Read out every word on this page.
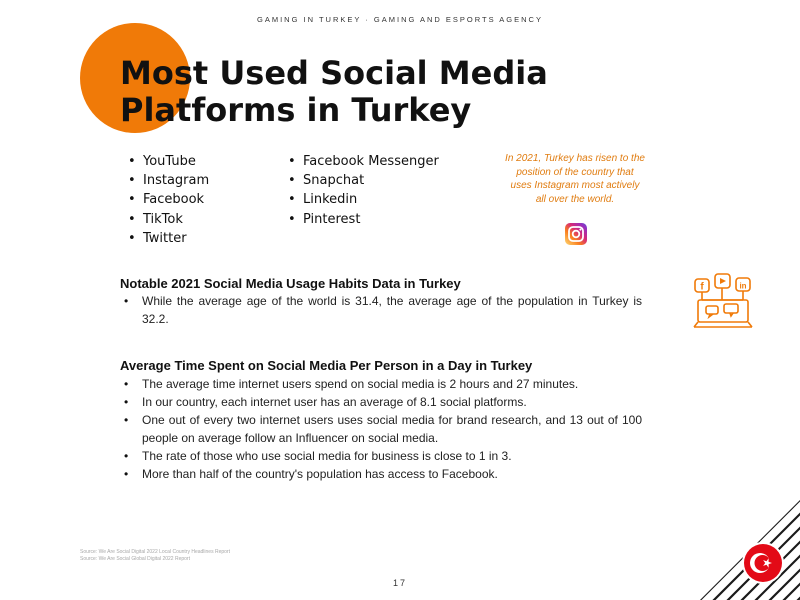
GAMING IN TURKEY · GAMING AND ESPORTS AGENCY
Most Used Social Media
Platforms in Turkey
• YouTube
• Instagram
• Facebook
• TikTok
• Twitter
• Facebook Messenger
• Snapchat
• Linkedin
• Pinterest
In 2021, Turkey has risen to the position of the country that uses Instagram most actively all over the world.
f	in
Notable 2021 Social Media Usage Habits Data in Turkey
• While the average age of the world is 31.4, the average age of the population in Turkey is 32.2.
Average Time Spent on Social Media Per Person in a Day in Turkey
• The average time internet users spend on social media is 2 hours and 27 minutes.
• In our country, each internet user has an average of 8.1 social platforms.
• One out of every two internet users uses social media for brand research, and 13 out of 100 people on average follow an Influencer on social media.
• The rate of those who use social media for business is close to 1 in 3.
• More than half of the country's population has access to Facebook.
Source: We Are Social Digital 2022 Local Country Headlines Report
Source: We Are Social Global Digital 2022 Report
17
